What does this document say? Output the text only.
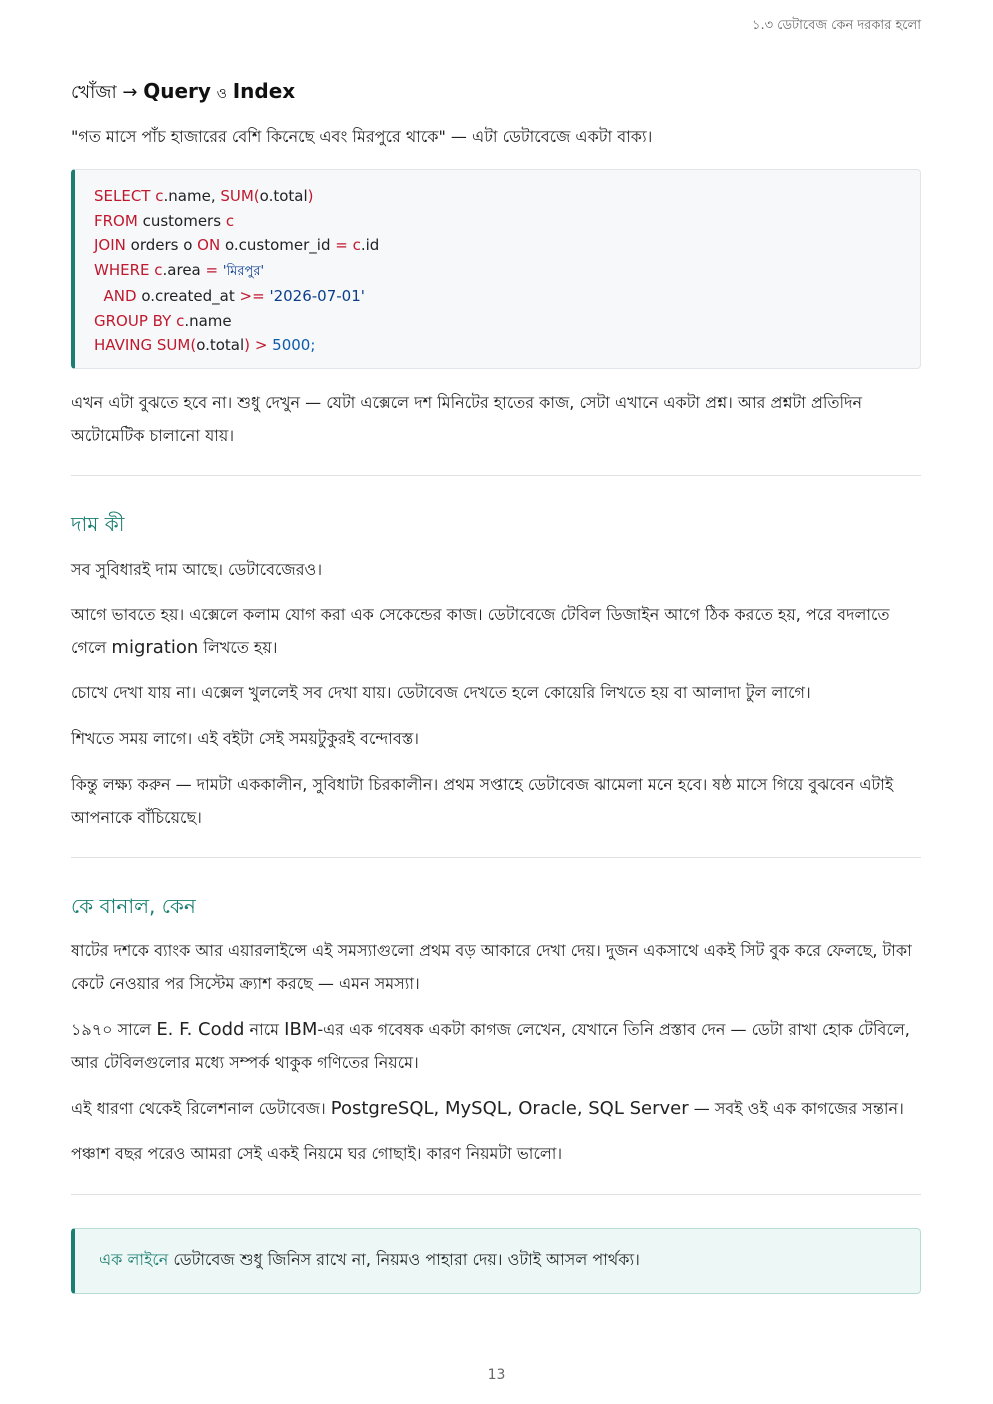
১.৩ ডেটাবেজ কেন দরকার হলো
খোঁজা → Query ও Index
"গত মাসে পাঁচ হাজারের বেশি কিনেছে এবং মিরপুরে থাকে" — এটা ডেটাবেজে একটা বাক্য।
SELECT c.name, SUM(o.total)
FROM customers c
JOIN orders o ON o.customer_id = c.id
WHERE c.area = 'মিরপুর'
AND o.created_at >= '2026-07-01'
GROUP BY c.name
HAVING SUM(o.total) > 5000;
এখন এটা বুঝতে হবে না। শুধু দেখুন — যেটা এক্সেলে দশ মিনিটের হাতের কাজ, সেটা এখানে একটা প্রশ্ন। আর প্রশ্নটা প্রতিদিন অটোমেটিক চালানো যায়।
দাম কী
সব সুবিধারই দাম আছে। ডেটাবেজেরও।
আগে ভাবতে হয়। এক্সেলে কলাম যোগ করা এক সেকেন্ডের কাজ। ডেটাবেজে টেবিল ডিজাইন আগে ঠিক করতে হয়, পরে বদলাতে গেলে migration লিখতে হয়।
চোখে দেখা যায় না। এক্সেল খুললেই সব দেখা যায়। ডেটাবেজ দেখতে হলে কোয়েরি লিখতে হয় বা আলাদা টুল লাগে।
শিখতে সময় লাগে। এই বইটা সেই সময়টুকুরই বন্দোবস্ত।
কিন্তু লক্ষ্য করুন — দামটা এককালীন, সুবিধাটা চিরকালীন। প্রথম সপ্তাহে ডেটাবেজ ঝামেলা মনে হবে। ষষ্ঠ মাসে গিয়ে বুঝবেন এটাই আপনাকে বাঁচিয়েছে।
কে বানাল, কেন
ষাটের দশকে ব্যাংক আর এয়ারলাইন্সে এই সমস্যাগুলো প্রথম বড় আকারে দেখা দেয়। দুজন একসাথে একই সিট বুক করে ফেলছে, টাকা কেটে নেওয়ার পর সিস্টেম ক্র্যাশ করছে — এমন সমস্যা।
১৯৭০ সালে E. F. Codd নামে IBM-এর এক গবেষক একটা কাগজ লেখেন, যেখানে তিনি প্রস্তাব দেন — ডেটা রাখা হোক টেবিলে, আর টেবিলগুলোর মধ্যে সম্পর্ক থাকুক গণিতের নিয়মে।
এই ধারণা থেকেই রিলেশনাল ডেটাবেজ। PostgreSQL, MySQL, Oracle, SQL Server — সবই ওই এক কাগজের সন্তান।
পঞ্চাশ বছর পরেও আমরা সেই একই নিয়মে ঘর গোছাই। কারণ নিয়মটা ভালো।
এক লাইনে ডেটাবেজ শুধু জিনিস রাখে না, নিয়মও পাহারা দেয়। ওটাই আসল পার্থক্য।
13
